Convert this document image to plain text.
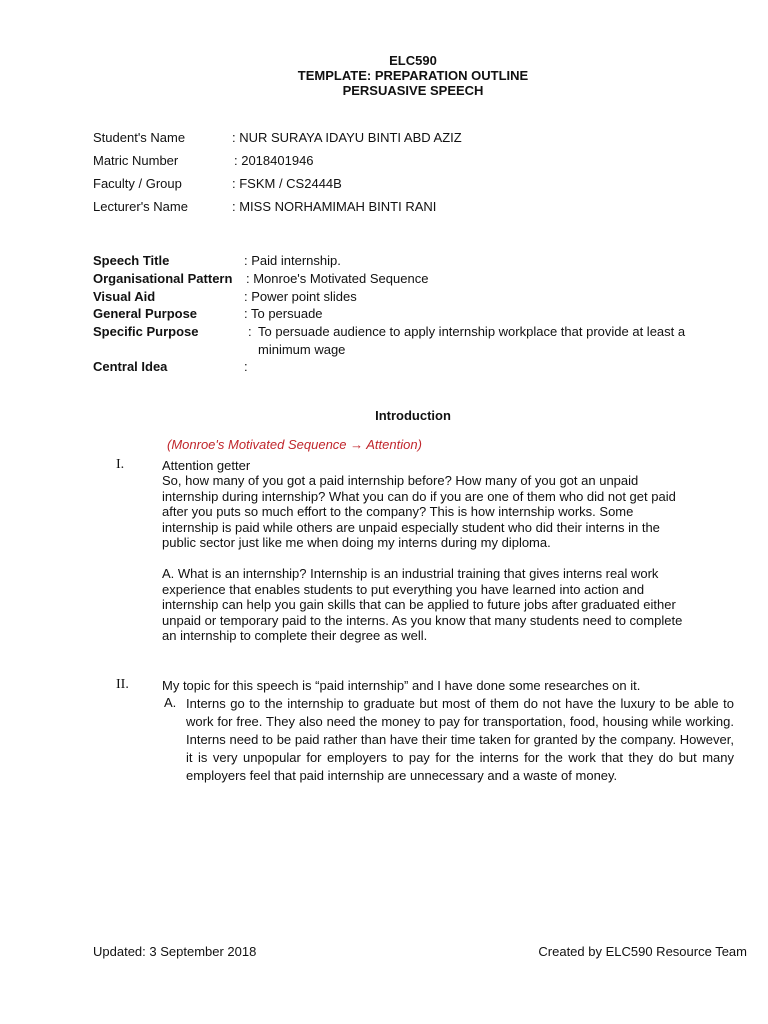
ELC590
TEMPLATE: PREPARATION OUTLINE
PERSUASIVE SPEECH
Student's Name	: NUR SURAYA IDAYU BINTI ABD AZIZ
Matric Number	: 2018401946
Faculty / Group	: FSKM / CS2444B
Lecturer's Name	: MISS NORHAMIMAH BINTI RANI
Speech Title	: Paid internship.
Organisational Pattern : Monroe's Motivated Sequence
Visual Aid	: Power point slides
General Purpose	: To persuade
Specific Purpose	: To persuade audience to apply internship workplace that provide at least a
minimum wage
Central Idea	:
Introduction
(Monroe's Motivated Sequence → Attention)
I.	Attention getter
So, how many of you got a paid internship before? How many of you got an unpaid
internship during internship? What you can do if you are one of them who did not get paid
after you puts so much effort to the company? This is how internship works. Some
internship is paid while others are unpaid especially student who did their interns in the
public sector just like me when doing my interns during my diploma.
A. What is an internship? Internship is an industrial training that gives interns real work
experience that enables students to put everything you have learned into action and
internship can help you gain skills that can be applied to future jobs after graduated either
unpaid or temporary paid to the interns. As you know that many students need to complete
an internship to complete their degree as well.
II.	My topic for this speech is “paid internship” and I have done some researches on it.
A. Interns go to the internship to graduate but most of them do not have the luxury to be able to work for free. They also need the money to pay for transportation, food, housing while working. Interns need to be paid rather than have their time taken for granted by the company. However, it is very unpopular for employers to pay for the interns for the work that they do but many employers feel that paid internship are unnecessary and a waste of money.
Updated: 3 September 2018	Created by ELC590 Resource Team
